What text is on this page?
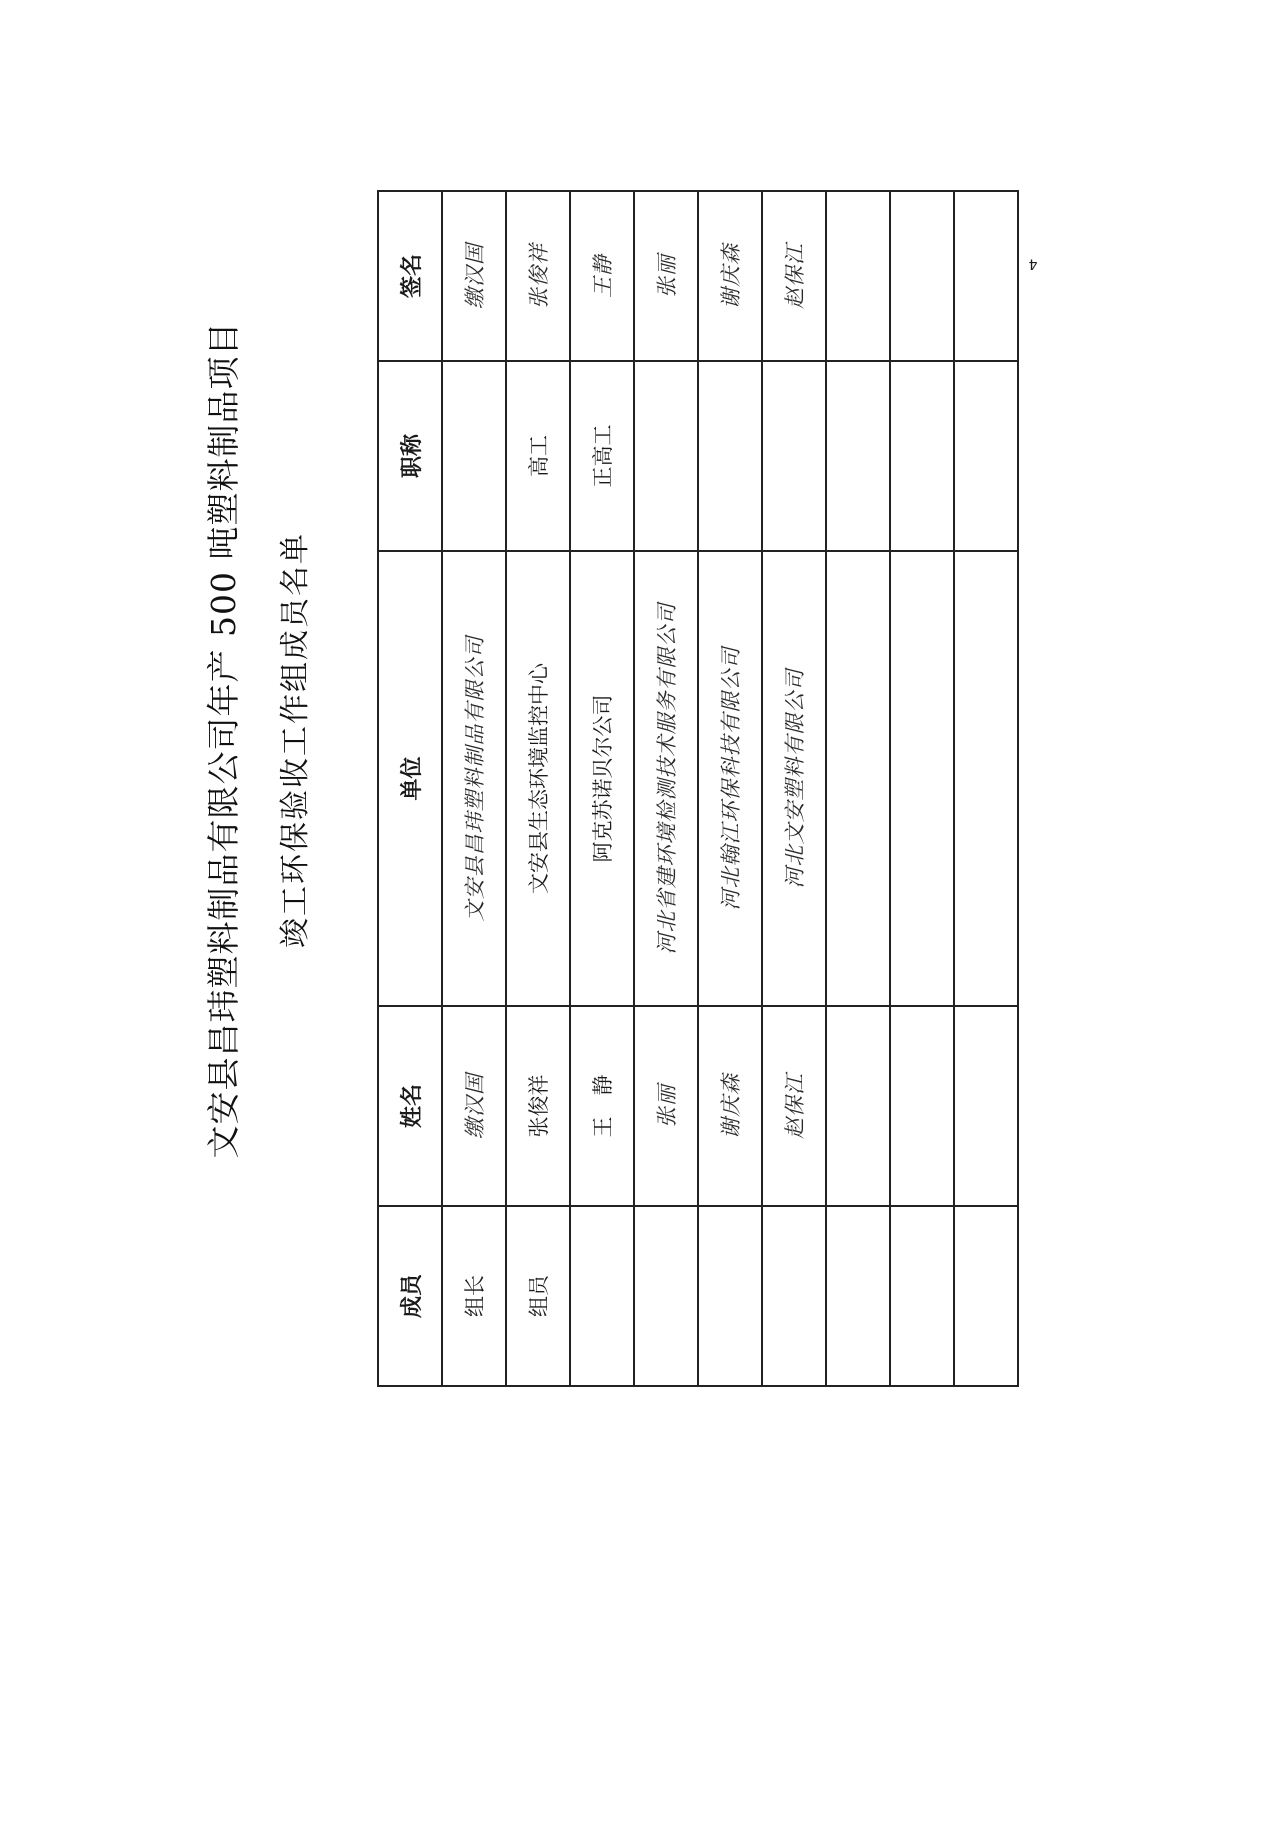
文安县昌玮塑料制品有限公司年产 500 吨塑料制品项目 竣工环保验收工作组成员名单
成员	姓名	单位	职称	签名
组长	缴汉国	文安县昌玮塑料制品有限公司		缴汉国
组员	张俊祥	文安县生态环境监控中心	高工	张俊祥
	王　静	阿克苏诺贝尔公司	正高工	王静
	张丽	河北省建环境检测技术服务有限公司		张丽
	谢庆森	河北翰江环保科技有限公司		谢庆森
	赵保江	河北文安塑料有限公司		赵保江

					4
